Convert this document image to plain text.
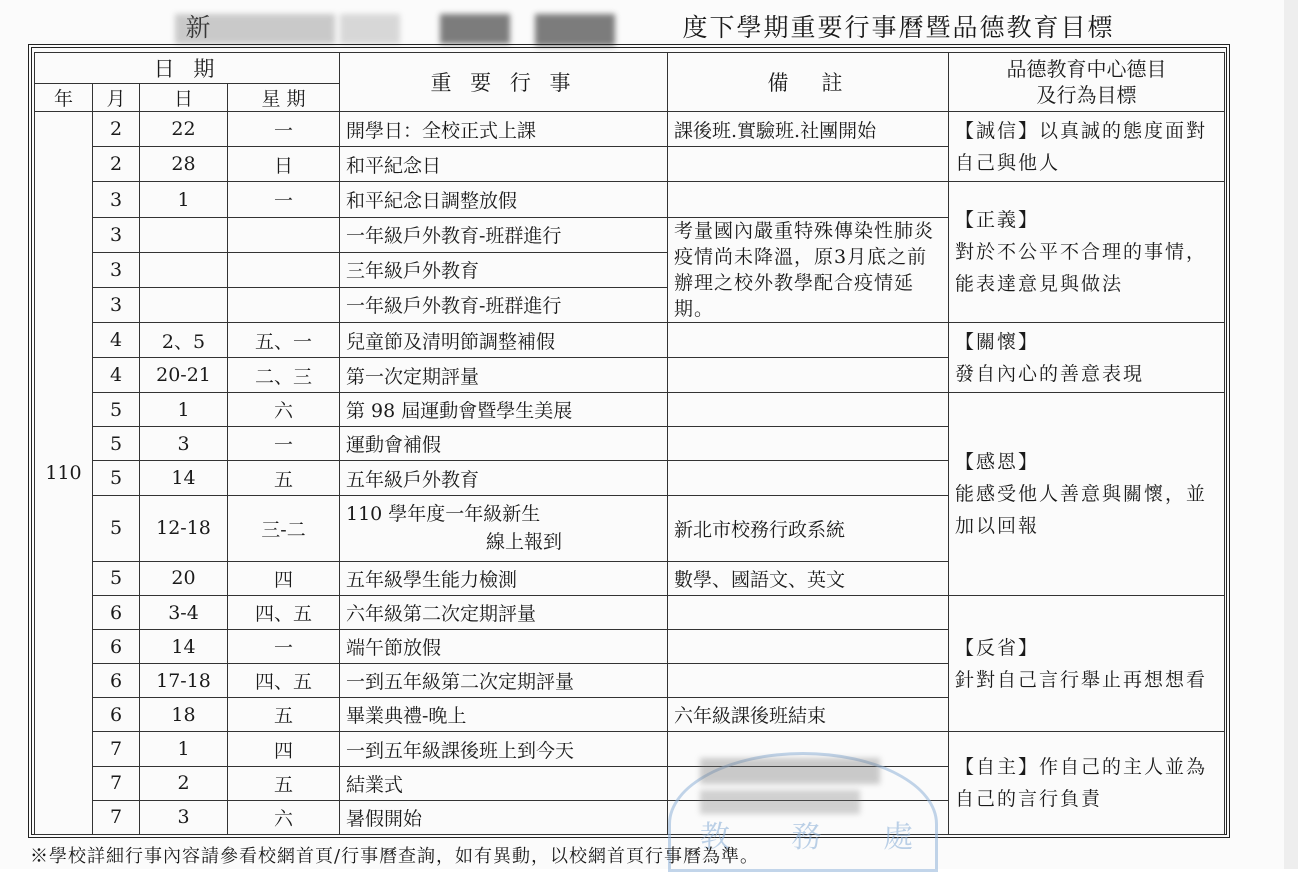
新	度下學期重要行事曆暨品德教育目標
日 期				重 要 行 事	備　註	品德教育中心德目
及行為目標

年	月	日	星 期			
110	2	22	一	開學日：全校正式上課	課後班.實驗班.社團開始	【誠信】以真誠的態度面對自己與他人
	2	28	日	和平紀念日		
	3	1	一	和平紀念日調整放假		【正義】
對於不公平不合理的事情，能表達意見與做法

	3			一年級戶外教育-班群進行	考量國內嚴重特殊傳染性肺炎疫情尚未降溫，原3月底之前辦理之校外教學配合疫情延期。	
	3			三年級戶外教育		
	3			一年級戶外教育-班群進行		
	4	2、5	五、一	兒童節及清明節調整補假		【關懷】
發自內心的善意表現

	4	20-21	二、三	第一次定期評量		
	5	1	六	第 98 屆運動會暨學生美展		【感恩】
能感受他人善意與關懷，並加以回報

	5	3	一	運動會補假		
	5	14	五	五年級戶外教育		
	5	12-18	三-二	110 學年度一年級新生
線上報到	新北市校務行政系統	
	5	20	四	五年級學生能力檢測	數學、國語文、英文	
	6	3-4	四、五	六年級第二次定期評量		【反省】
針對自己言行舉止再想想看

	6	14	一	端午節放假		
	6	17-18	四、五	一到五年級第二次定期評量		
	6	18	五	畢業典禮-晚上	六年級課後班結束	
	7	1	四	一到五年級課後班上到今天		【自主】作自己的主人並為自己的言行負責
	7	2	五	結業式		
	7	3	六	暑假開始		
教 務 處
※學校詳細行事內容請參看校網首頁/行事曆查詢，如有異動，以校網首頁行事曆為準。
